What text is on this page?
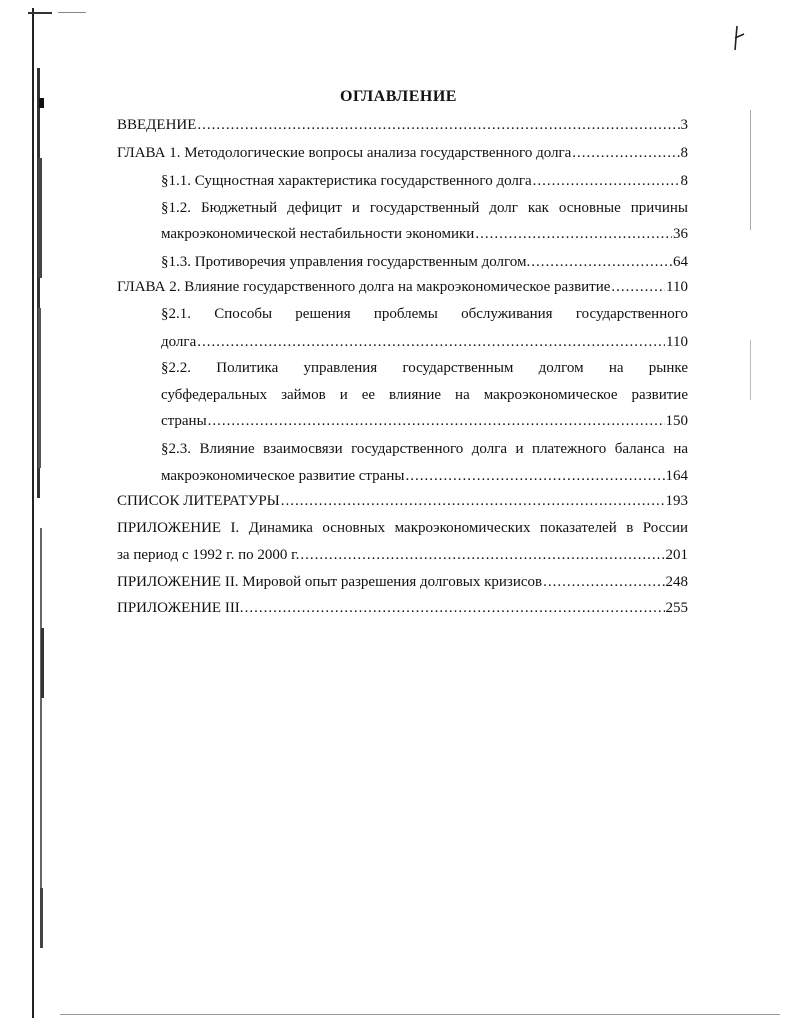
ОГЛАВЛЕНИЕ
ВВЕДЕНИЕ .....	3
ГЛАВА 1. Методологические вопросы анализа государственного долга .....	8
§1.1. Сущностная характеристика государственного долга .....	8
§1.2. Бюджетный дефицит и государственный долг как основные причины
макроэкономической нестабильности экономики .....	36
§1.3. Противоречия управления государственным долгом. .....	64
ГЛАВА 2. Влияние государственного долга на макроэкономическое развитие .....	110
§2.1. Способы решения проблемы обслуживания государственного
долга .....	110
§2.2. Политика управления государственным долгом на рынке
субфедеральных займов и ее влияние на макроэкономическое развитие
страны .....	150
§2.3. Влияние взаимосвязи государственного долга и платежного баланса на
макроэкономическое развитие страны .....	164
СПИСОК ЛИТЕРАТУРЫ .....	193
ПРИЛОЖЕНИЕ I. Динамика основных макроэкономических показателей в России
за период с 1992 г. по 2000 г. .....	201
ПРИЛОЖЕНИЕ II. Мировой опыт разрешения долговых кризисов .....	248
ПРИЛОЖЕНИЕ III. .....	255
